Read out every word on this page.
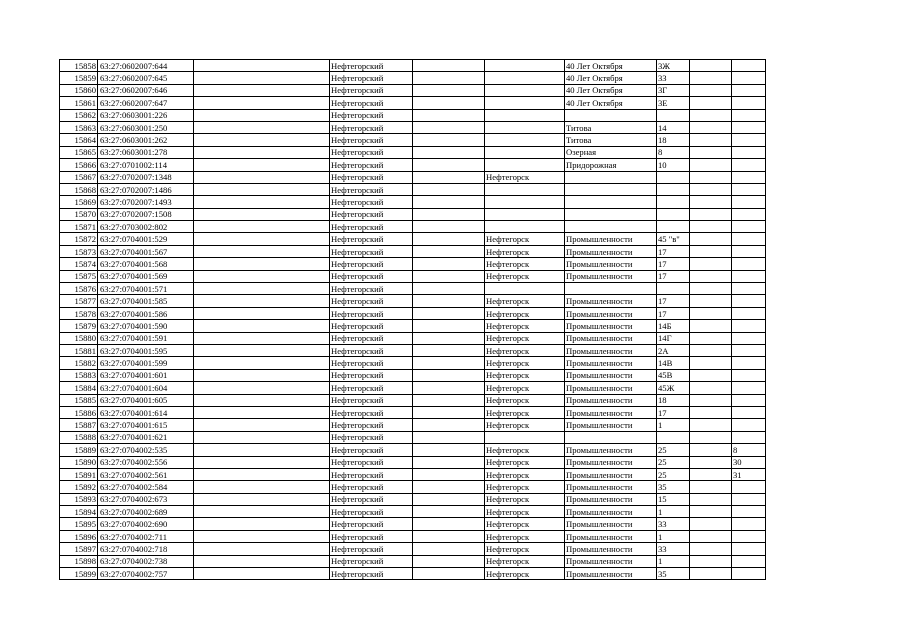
15858	63:27:0602007:644		Нефтегорский			40 Лет Октября	3Ж			
15859	63:27:0602007:645		Нефтегорский			40 Лет Октября	3З			
15860	63:27:0602007:646		Нефтегорский			40 Лет Октября	3Г			
15861	63:27:0602007:647		Нефтегорский			40 Лет Октября	3Е			
15862	63:27:0603001:226		Нефтегорский							
15863	63:27:0603001:250		Нефтегорский			Титова	14			
15864	63:27:0603001:262		Нефтегорский			Титова	18			
15865	63:27:0603001:278		Нефтегорский			Озерная	8			
15866	63:27:0701002:114		Нефтегорский			Придорожная	10			
15867	63:27:0702007:1348		Нефтегорский		Нефтегорск					
15868	63:27:0702007:1486		Нефтегорский							
15869	63:27:0702007:1493		Нефтегорский							
15870	63:27:0702007:1508		Нефтегорский							
15871	63:27:0703002:802		Нефтегорский							
15872	63:27:0704001:529		Нефтегорский		Нефтегорск	Промышленности	45 "в"			
15873	63:27:0704001:567		Нефтегорский		Нефтегорск	Промышленности	17			
15874	63:27:0704001:568		Нефтегорский		Нефтегорск	Промышленности	17			
15875	63:27:0704001:569		Нефтегорский		Нефтегорск	Промышленности	17			
15876	63:27:0704001:571		Нефтегорский							
15877	63:27:0704001:585		Нефтегорский		Нефтегорск	Промышленности	17			
15878	63:27:0704001:586		Нефтегорский		Нефтегорск	Промышленности	17			
15879	63:27:0704001:590		Нефтегорский		Нефтегорск	Промышленности	14Б			
15880	63:27:0704001:591		Нефтегорский		Нефтегорск	Промышленности	14Г			
15881	63:27:0704001:595		Нефтегорский		Нефтегорск	Промышленности	2А			
15882	63:27:0704001:599		Нефтегорский		Нефтегорск	Промышленности	14В			
15883	63:27:0704001:601		Нефтегорский		Нефтегорск	Промышленности	45В			
15884	63:27:0704001:604		Нефтегорский		Нефтегорск	Промышленности	45Ж			
15885	63:27:0704001:605		Нефтегорский		Нефтегорск	Промышленности	18			
15886	63:27:0704001:614		Нефтегорский		Нефтегорск	Промышленности	17			
15887	63:27:0704001:615		Нефтегорский		Нефтегорск	Промышленности	1			
15888	63:27:0704001:621		Нефтегорский							
15889	63:27:0704002:535		Нефтегорский		Нефтегорск	Промышленности	25		8	
15890	63:27:0704002:556		Нефтегорский		Нефтегорск	Промышленности	25		30	
15891	63:27:0704002:561		Нефтегорский		Нефтегорск	Промышленности	25		31	
15892	63:27:0704002:584		Нефтегорский		Нефтегорск	Промышленности	35			
15893	63:27:0704002:673		Нефтегорский		Нефтегорск	Промышленности	15			
15894	63:27:0704002:689		Нефтегорский		Нефтегорск	Промышленности	1			
15895	63:27:0704002:690		Нефтегорский		Нефтегорск	Промышленности	33			
15896	63:27:0704002:711		Нефтегорский		Нефтегорск	Промышленности	1			
15897	63:27:0704002:718		Нефтегорский		Нефтегорск	Промышленности	33			
15898	63:27:0704002:738		Нефтегорский		Нефтегорск	Промышленности	1			
15899	63:27:0704002:757		Нефтегорский		Нефтегорск	Промышленности	35			
